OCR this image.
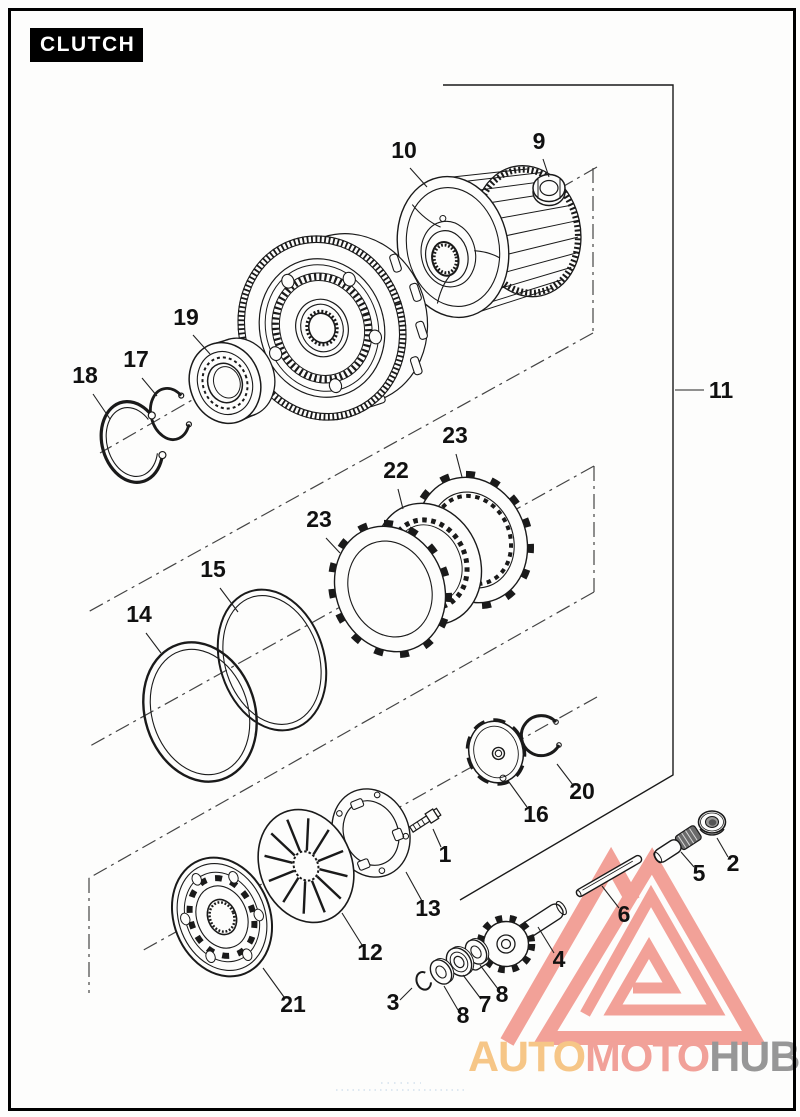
AUTOMOTOHUB
10	9
11
19
17
18
23
22
23
15
14
16
20
1
13
12
21	3 8 7 8
4
6
5 2
CLUTCH
